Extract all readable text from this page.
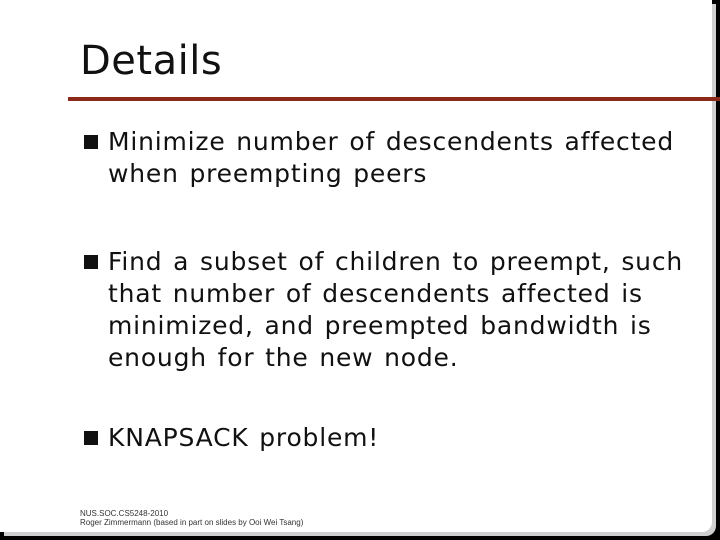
Details
Minimize number of descendents affected when preempting peers
Find a subset of children to preempt, such that number of descendents affected is minimized, and preempted bandwidth is enough for the new node.
KNAPSACK problem!
NUS.SOC.CS5248-2010
Roger Zimmermann (based in part on slides by Ooi Wei Tsang)
